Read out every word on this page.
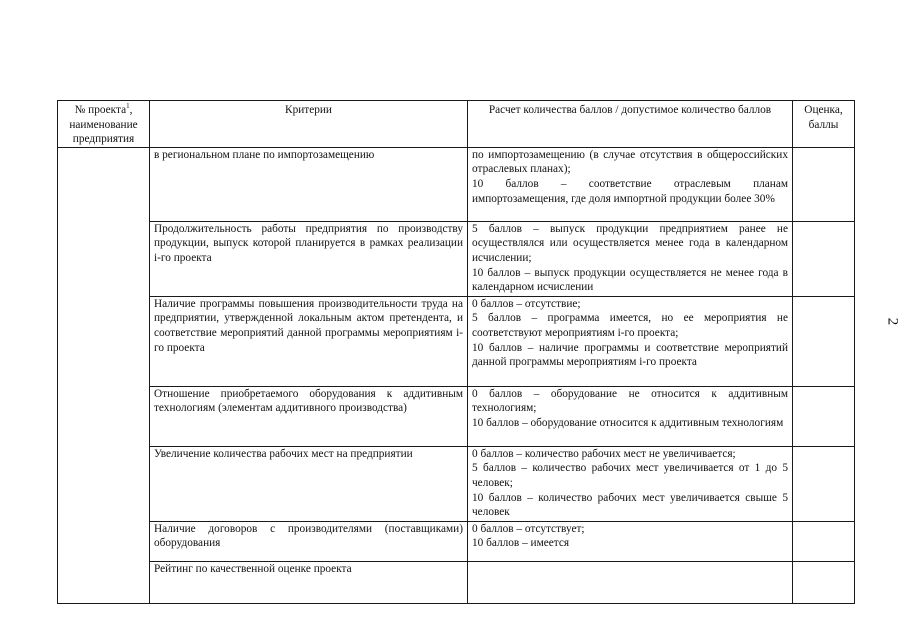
№ проекта$^1$,
наименование предприятия	Критерии	Расчет количества баллов / допустимое количество баллов	Оценка, баллы
	в региональном плане по импортозамещению	по импортозамещению (в случае отсутствия в общероссийских отраслевых планах);
10 баллов – соответствие отраслевым планам импортозамещения, где доля импортной продукции более 30%	

	Продолжительность работы предприятия по производству продукции, выпуск которой планируется в рамках реализации i-го проекта	5 баллов – выпуск продукции предприятием ранее не осуществлялся или осуществляется менее года в календарном исчислении;
10 баллов – выпуск продукции осуществляется не менее года в календарном исчислении	

	Наличие программы повышения производительности труда на предприятии, утвержденной локальным актом претендента, и соответствие мероприятий данной программы мероприятиям i-го проекта	0 баллов – отсутствие;
5 баллов – программа имеется, но ее мероприятия не соответствуют мероприятиям i-го проекта;
10 баллов – наличие программы и соответствие мероприятий данной программы мероприятиям i-го проекта	

	Отношение приобретаемого оборудования к аддитивным технологиям (элементам аддитивного производства)	0 баллов – оборудование не относится к аддитивным технологиям;
10 баллов – оборудование относится к аддитивным технологиям	

	Увеличение количества рабочих мест на предприятии	0 баллов – количество рабочих мест не увеличивается;
5 баллов – количество рабочих мест увеличивается от 1 до 5 человек;
10 баллов – количество рабочих мест увеличивается свыше 5 человек	

	Наличие договоров с производителями (поставщиками) оборудования	0 баллов – отсутствует;
10 баллов – имеется	

	Рейтинг по качественной оценке проекта		
2
